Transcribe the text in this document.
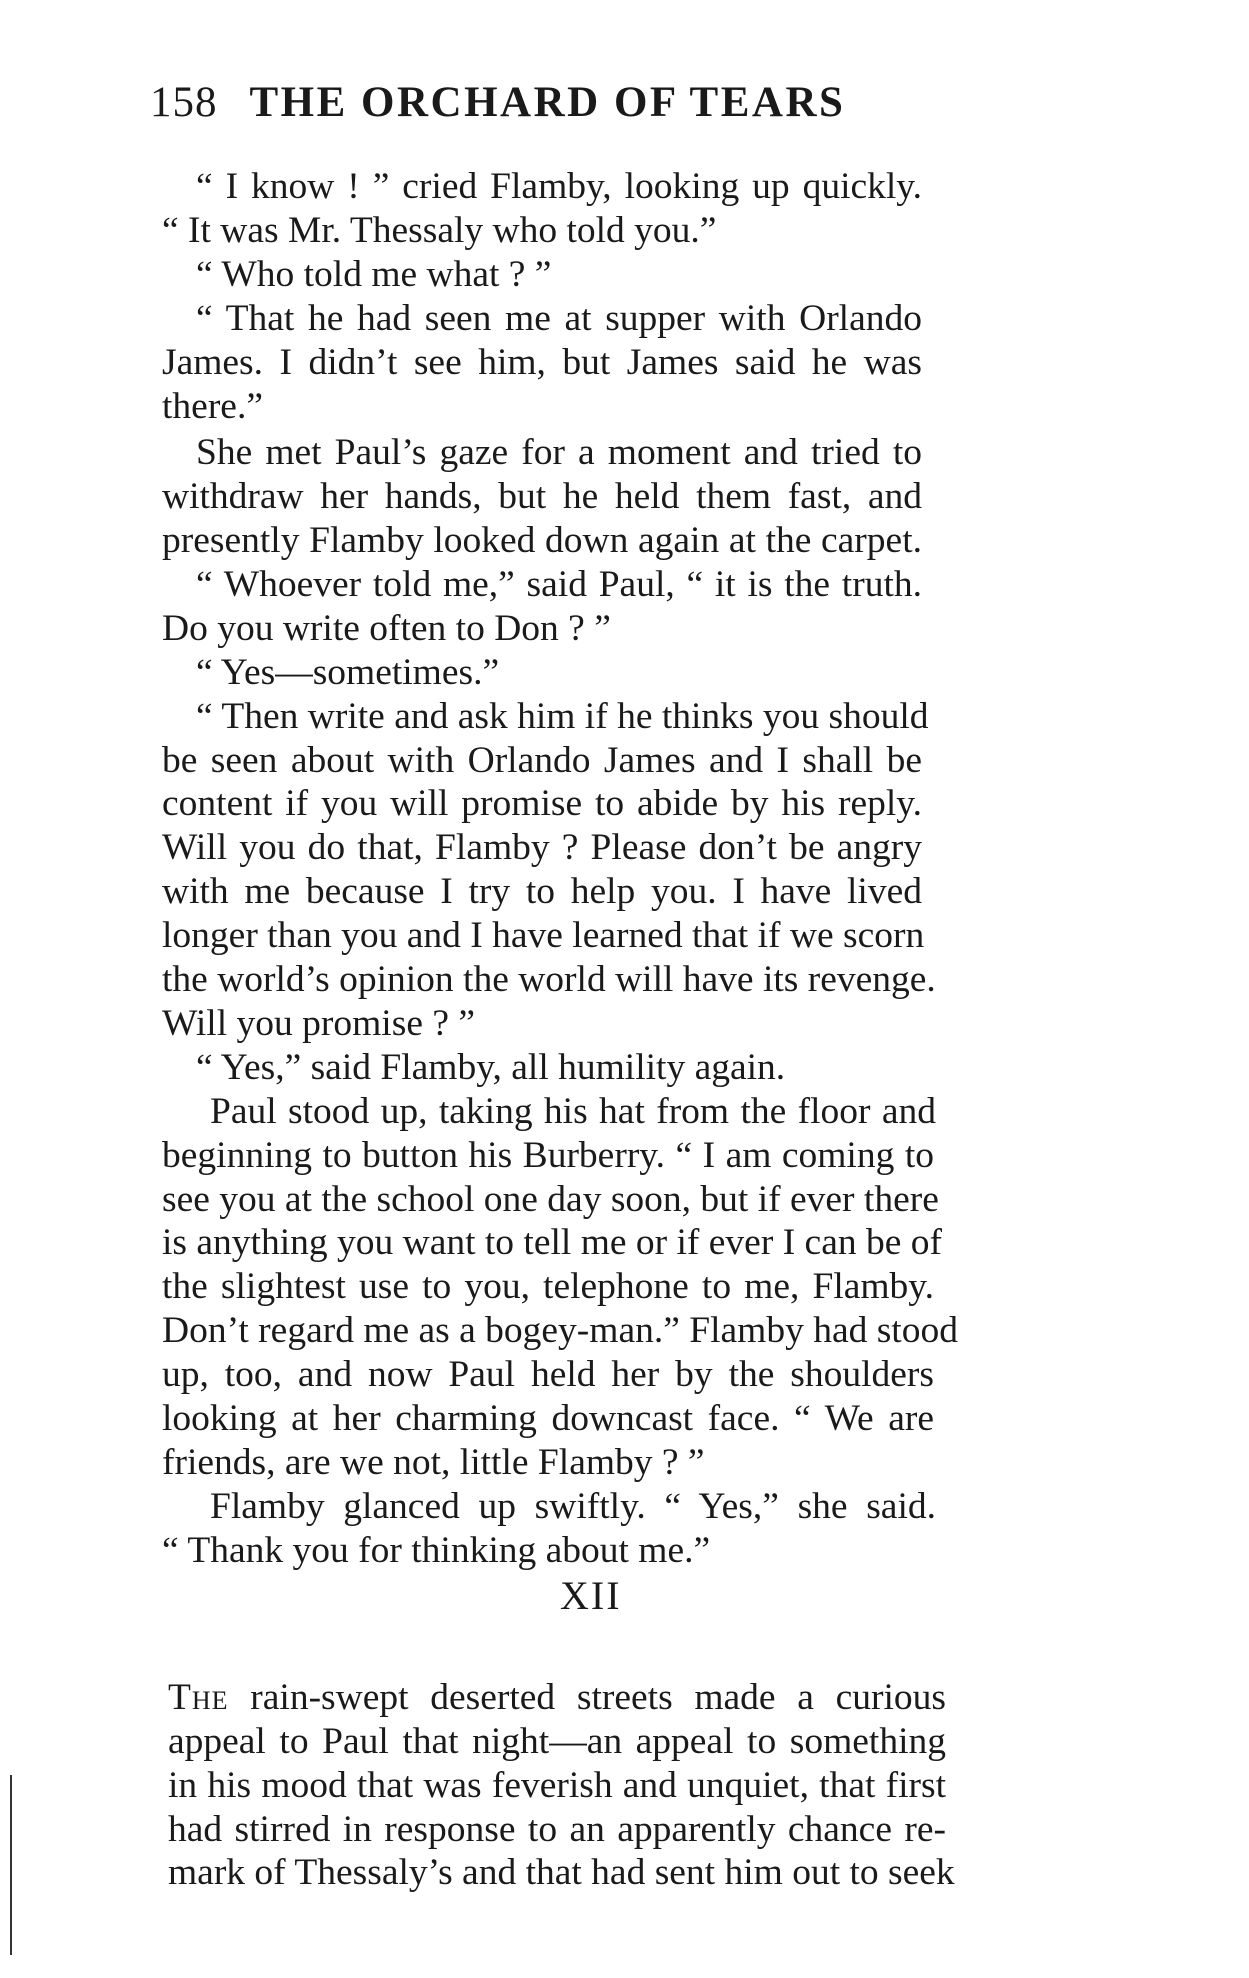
158 THE ORCHARD OF TEARS
“ I know ! ” cried Flamby, looking up quickly.
“ It was Mr. Thessaly who told you.”
“ Who told me what ? ”
“ That he had seen me at supper with Orlando
James. I didn’t see him, but James said he was
there.”
She met Paul’s gaze for a moment and tried to
withdraw her hands, but he held them fast, and
presently Flamby looked down again at the carpet.
“ Whoever told me,” said Paul, “ it is the truth.
Do you write often to Don ? ”
“ Yes—sometimes.”
“ Then write and ask him if he thinks you should
be seen about with Orlando James and I shall be
content if you will promise to abide by his reply.
Will you do that, Flamby ? Please don’t be angry
with me because I try to help you. I have lived
longer than you and I have learned that if we scorn
the world’s opinion the world will have its revenge.
Will you promise ? ”
“ Yes,” said Flamby, all humility again.
Paul stood up, taking his hat from the floor and
beginning to button his Burberry. “ I am coming to
see you at the school one day soon, but if ever there
is anything you want to tell me or if ever I can be of
the slightest use to you, telephone to me, Flamby.
Don’t regard me as a bogey-man.” Flamby had stood
up, too, and now Paul held her by the shoulders
looking at her charming downcast face. “ We are
friends, are we not, little Flamby ? ”
Flamby glanced up swiftly. “ Yes,” she said.
“ Thank you for thinking about me.”
XII
The rain-swept deserted streets made a curious
appeal to Paul that night—an appeal to something
in his mood that was feverish and unquiet, that first
had stirred in response to an apparently chance re-
mark of Thessaly’s and that had sent him out to seek
